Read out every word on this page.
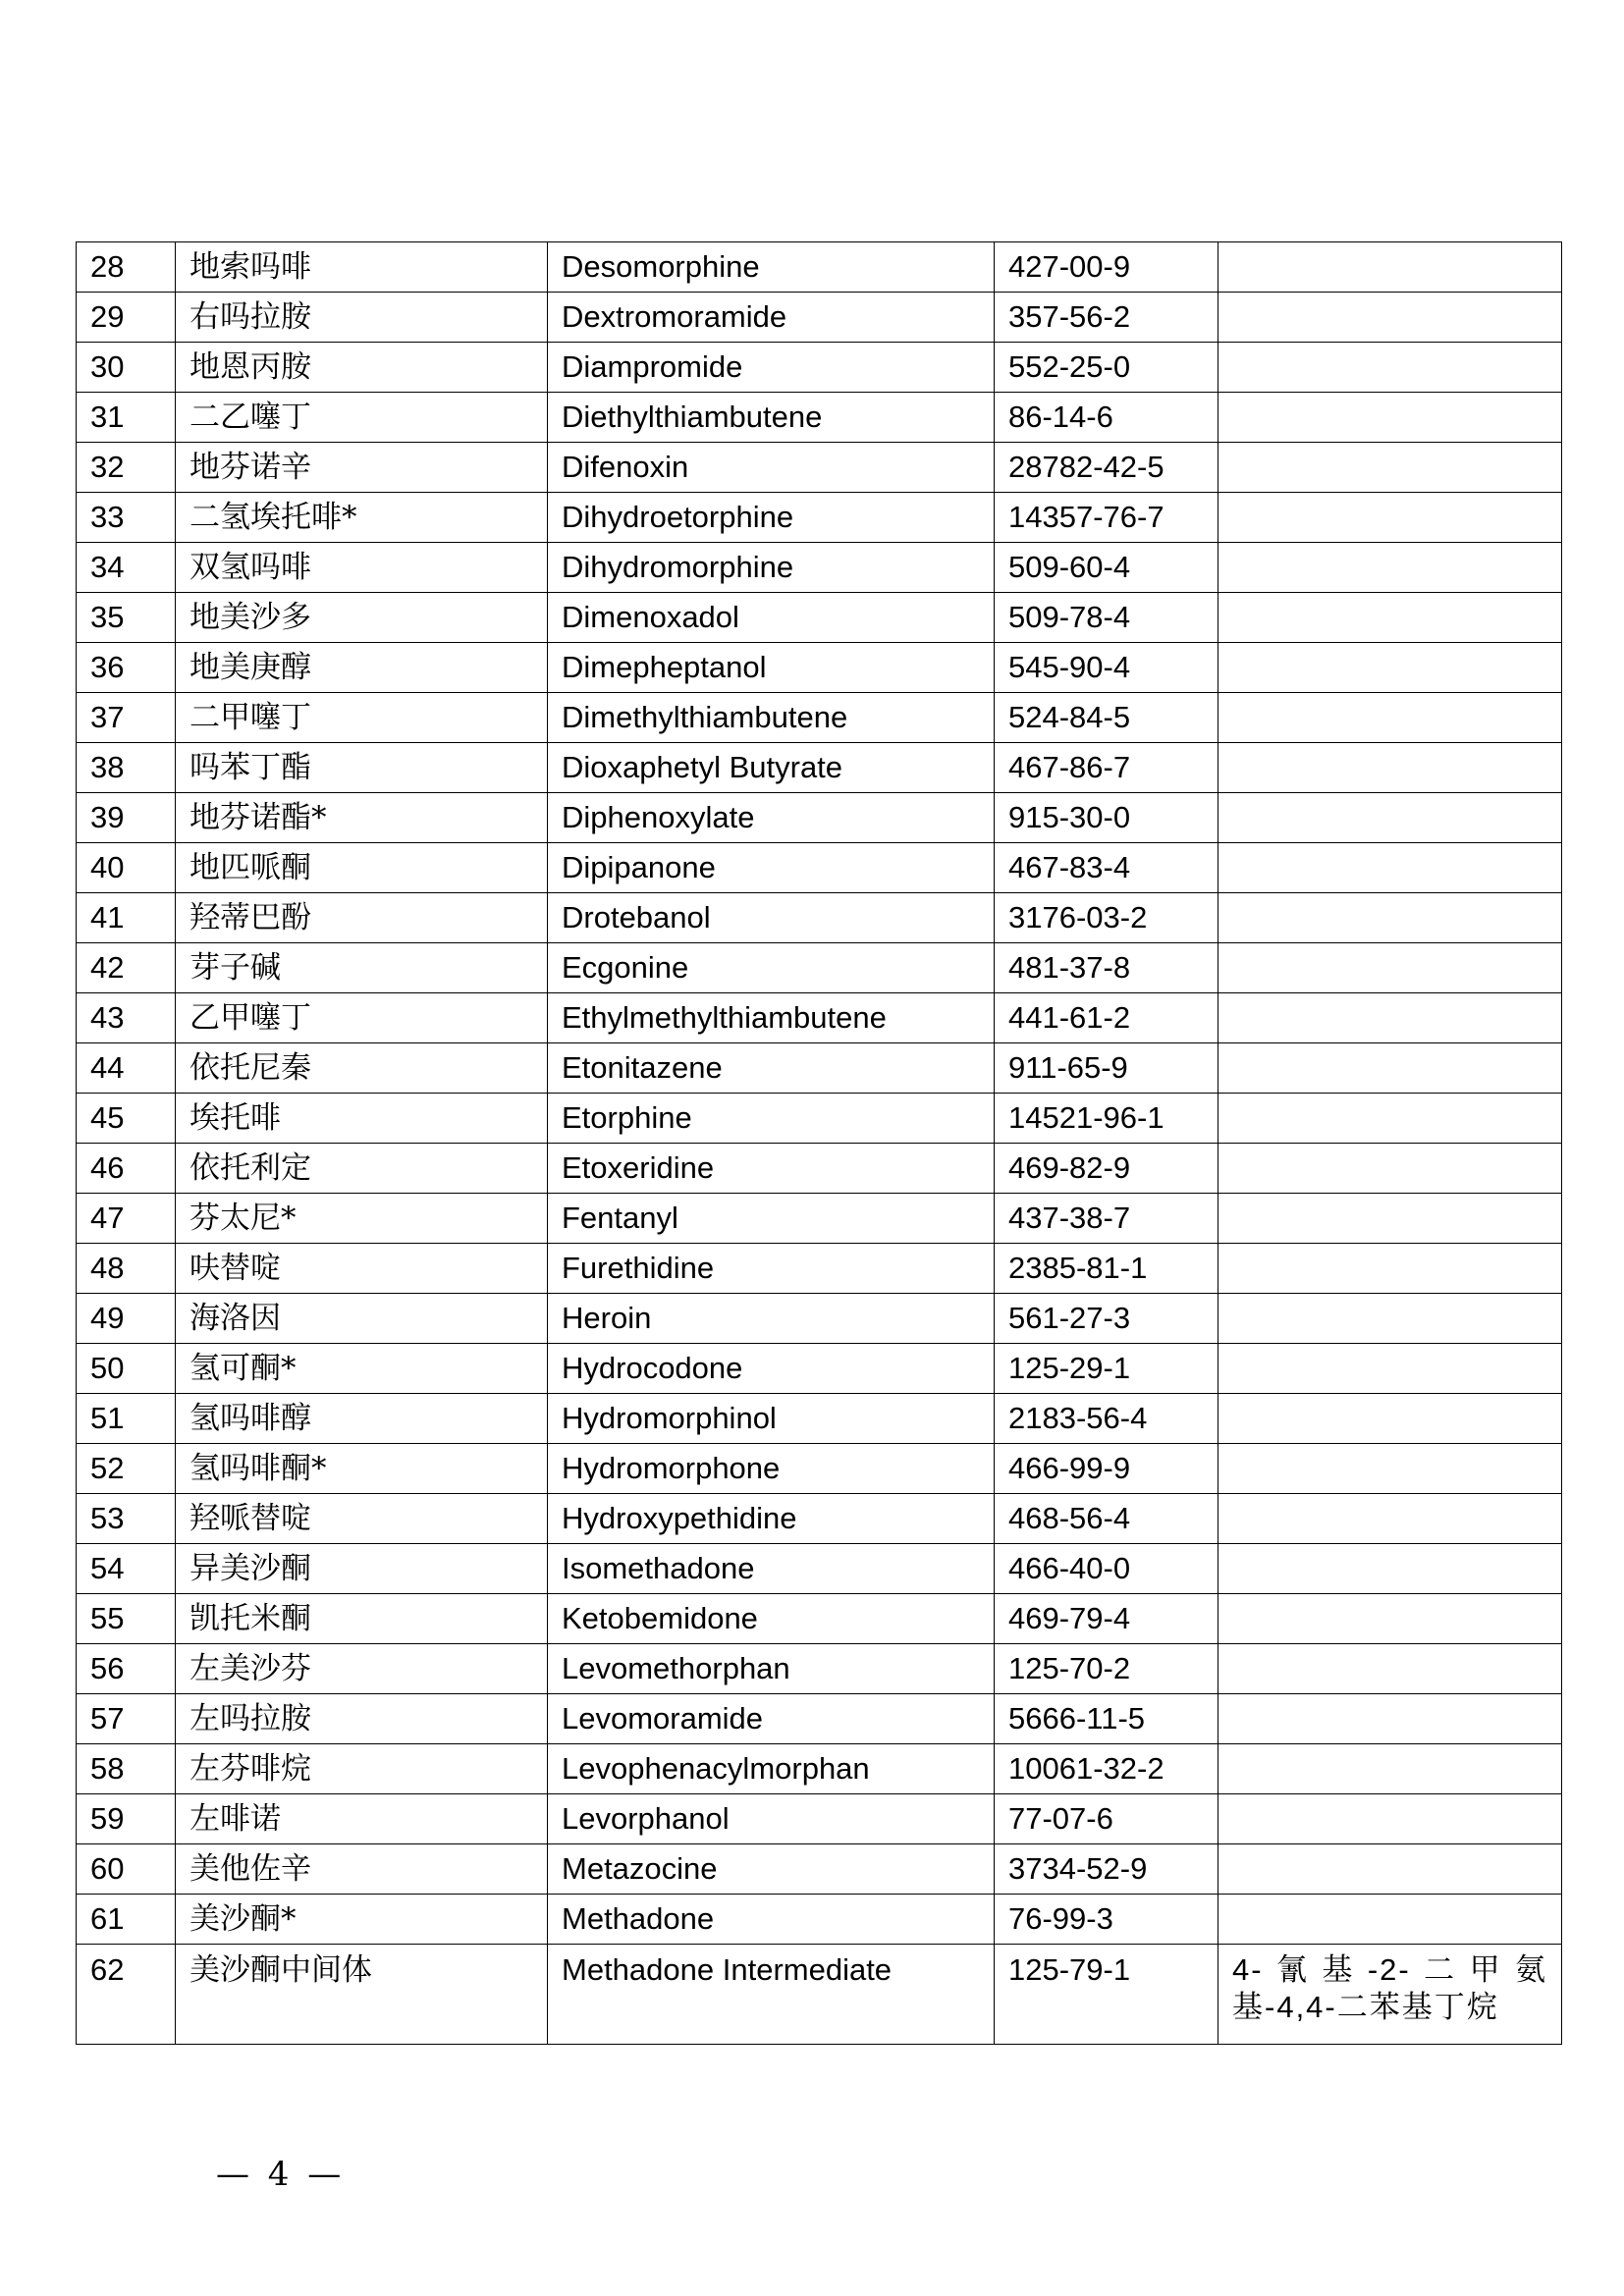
28	地索吗啡	Desomorphine	427-00-9	
29	右吗拉胺	Dextromoramide	357-56-2	
30	地恩丙胺	Diampromide	552-25-0	
31	二乙噻丁	Diethylthiambutene	86-14-6	
32	地芬诺辛	Difenoxin	28782-42-5	
33	二氢埃托啡*	Dihydroetorphine	14357-76-7	
34	双氢吗啡	Dihydromorphine	509-60-4	
35	地美沙多	Dimenoxadol	509-78-4	
36	地美庚醇	Dimepheptanol	545-90-4	
37	二甲噻丁	Dimethylthiambutene	524-84-5	
38	吗苯丁酯	Dioxaphetyl Butyrate	467-86-7	
39	地芬诺酯*	Diphenoxylate	915-30-0	
40	地匹哌酮	Dipipanone	467-83-4	
41	羟蒂巴酚	Drotebanol	3176-03-2	
42	芽子碱	Ecgonine	481-37-8	
43	乙甲噻丁	Ethylmethylthiambutene	441-61-2	
44	依托尼秦	Etonitazene	911-65-9	
45	埃托啡	Etorphine	14521-96-1	
46	依托利定	Etoxeridine	469-82-9	
47	芬太尼*	Fentanyl	437-38-7	
48	呋替啶	Furethidine	2385-81-1	
49	海洛因	Heroin	561-27-3	
50	氢可酮*	Hydrocodone	125-29-1	
51	氢吗啡醇	Hydromorphinol	2183-56-4	
52	氢吗啡酮*	Hydromorphone	466-99-9	
53	羟哌替啶	Hydroxypethidine	468-56-4	
54	异美沙酮	Isomethadone	466-40-0	
55	凯托米酮	Ketobemidone	469-79-4	
56	左美沙芬	Levomethorphan	125-70-2	
57	左吗拉胺	Levomoramide	5666-11-5	
58	左芬啡烷	Levophenacylmorphan	10061-32-2	
59	左啡诺	Levorphanol	77-07-6	
60	美他佐辛	Metazocine	3734-52-9	
61	美沙酮*	Methadone	76-99-3	
62	美沙酮中间体	Methadone Intermediate	125-79-1	4-氰基-2-二甲氨基-4,4-二苯基丁烷
— 4 —
